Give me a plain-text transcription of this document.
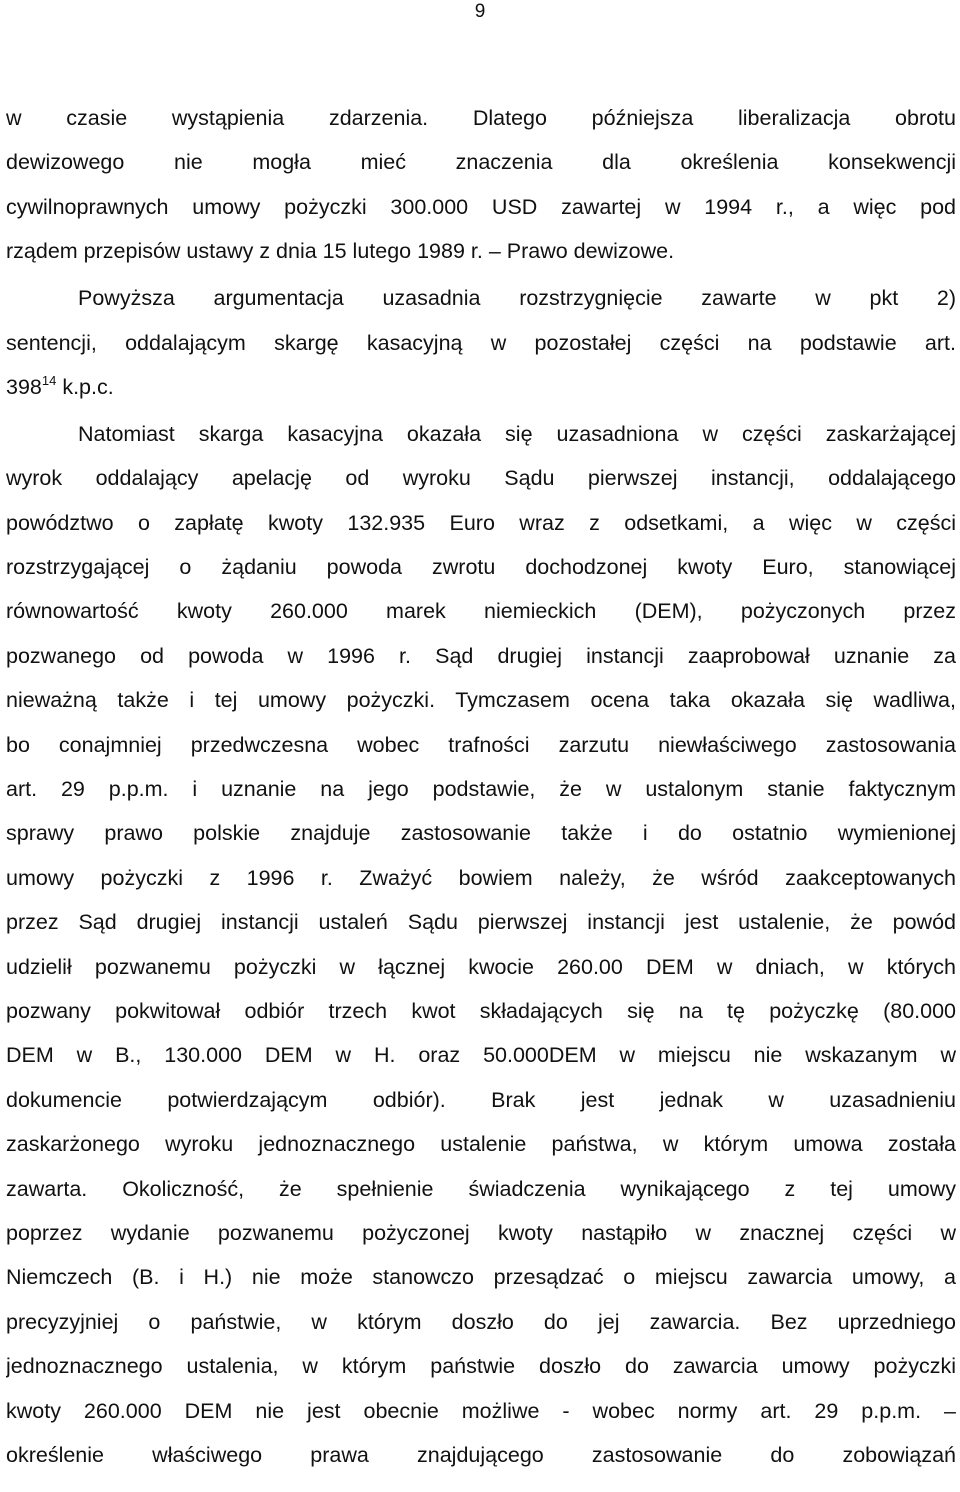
9
w czasie wystąpienia zdarzenia. Dlatego późniejsza liberalizacja obrotu
dewizowego nie mogła mieć znaczenia dla określenia konsekwencji
cywilnoprawnych umowy pożyczki 300.000 USD zawartej w 1994 r., a więc pod
rządem przepisów ustawy z dnia 15 lutego 1989 r. ‒ Prawo dewizowe.
Powyższa argumentacja uzasadnia rozstrzygnięcie zawarte w pkt 2)
sentencji, oddalającym skargę kasacyjną w pozostałej części na podstawie art.
398$^{14}$ k.p.c.
Natomiast skarga kasacyjna okazała się uzasadniona w części zaskarżającej
wyrok oddalający apelację od wyroku Sądu pierwszej instancji, oddalającego
powództwo o zapłatę kwoty 132.935 Euro wraz z odsetkami, a więc w części
rozstrzygającej o żądaniu powoda zwrotu dochodzonej kwoty Euro, stanowiącej
równowartość kwoty 260.000 marek niemieckich (DEM), pożyczonych przez
pozwanego od powoda w 1996 r. Sąd drugiej instancji zaaprobował uznanie za
nieważną także i tej umowy pożyczki. Tymczasem ocena taka okazała się wadliwa,
bo conajmniej przedwczesna wobec trafności zarzutu niewłaściwego zastosowania
art. 29 p.p.m. i uznanie na jego podstawie, że w ustalonym stanie faktycznym
sprawy prawo polskie znajduje zastosowanie także i do ostatnio wymienionej
umowy pożyczki z 1996 r. Zważyć bowiem należy, że wśród zaakceptowanych
przez Sąd drugiej instancji ustaleń Sądu pierwszej instancji jest ustalenie, że powód
udzielił pozwanemu pożyczki w łącznej kwocie 260.00 DEM w dniach, w których
pozwany pokwitował odbiór trzech kwot składających się na tę pożyczkę (80.000
DEM w B., 130.000 DEM w H. oraz 50.000DEM w miejscu nie wskazanym w
dokumencie potwierdzającym odbiór). Brak jest jednak w uzasadnieniu
zaskarżonego wyroku jednoznacznego ustalenie państwa, w którym umowa została
zawarta. Okoliczność, że spełnienie świadczenia wynikającego z tej umowy
poprzez wydanie pozwanemu pożyczonej kwoty nastąpiło w znacznej części w
Niemczech (B. i H.) nie może stanowczo przesądzać o miejscu zawarcia umowy, a
precyzyjniej o państwie, w którym doszło do jej zawarcia. Bez uprzedniego
jednoznacznego ustalenia, w którym państwie doszło do zawarcia umowy pożyczki
kwoty 260.000 DEM nie jest obecnie możliwe - wobec normy art. 29 p.p.m. ‒
określenie właściwego prawa znajdującego zastosowanie do zobowiązań
